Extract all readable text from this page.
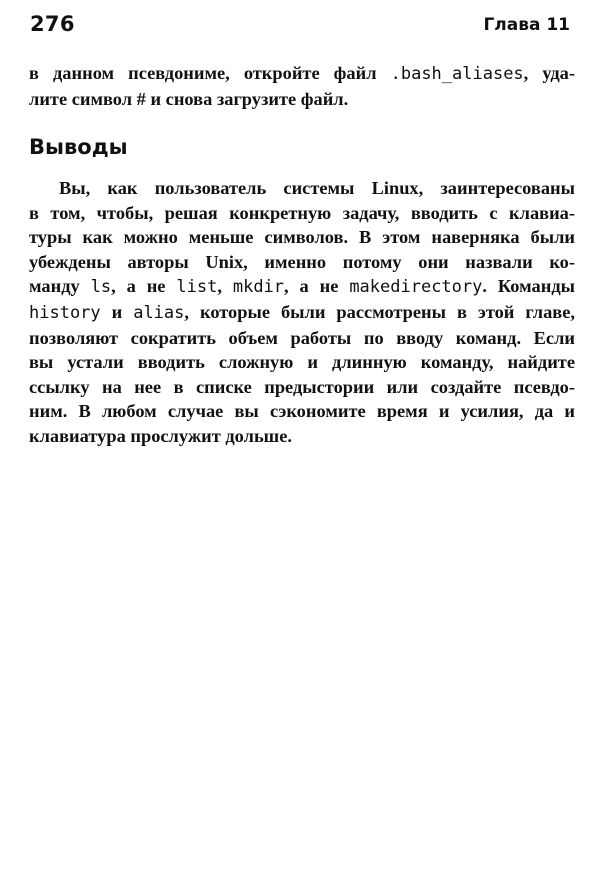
276	Глава 11
в данном псевдониме, откройте файл .bash_aliases, уда-
лите символ # и снова загрузите файл.
Выводы
Вы, как пользователь системы Linux, заинтересованы
в том, чтобы, решая конкретную задачу, вводить с клавиа-
туры как можно меньше символов. В этом наверняка были
убеждены авторы Unix, именно потому они назвали ко-
манду ls, а не list, mkdir, а не makedirectory. Команды
history и alias, которые были рассмотрены в этой главе,
позволяют сократить объем работы по вводу команд. Если
вы устали вводить сложную и длинную команду, найдите
ссылку на нее в списке предыстории или создайте псевдо-
ним. В любом случае вы сэкономите время и усилия, да и
клавиатура прослужит дольше.
